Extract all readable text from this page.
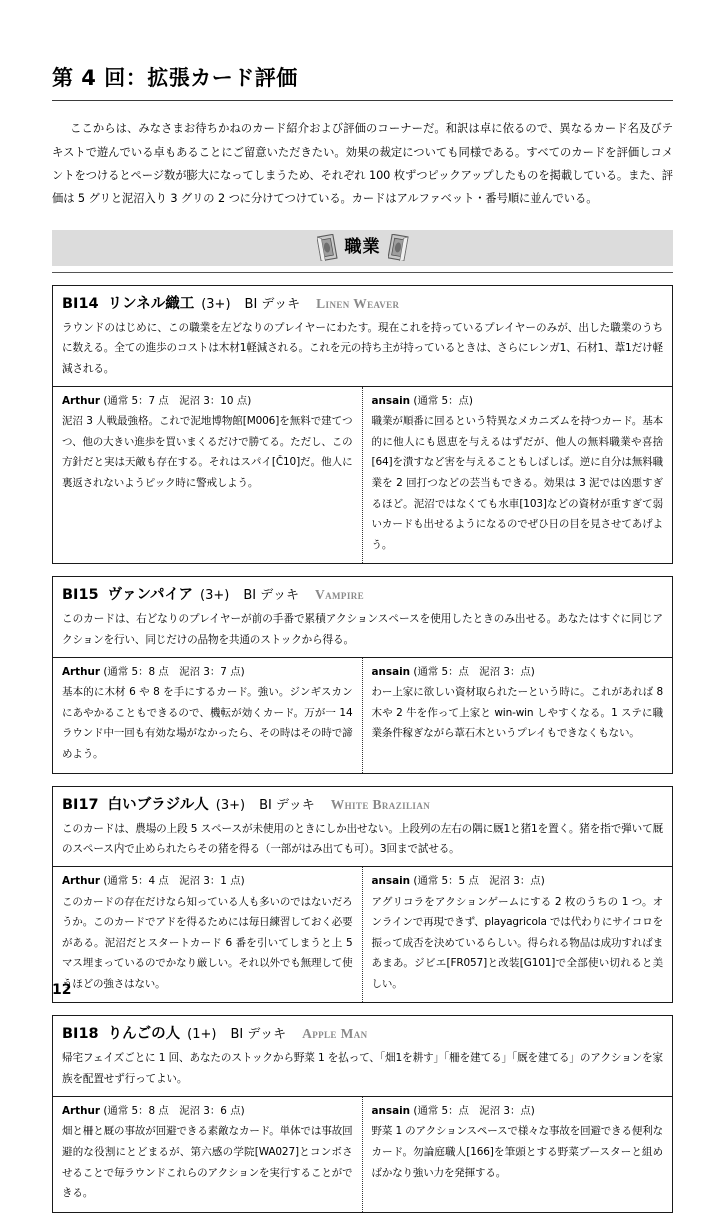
第 4 回：拡張カード評価

ここからは、みなさまお待ちかねのカード紹介および評価のコーナーだ。和訳は卓に依るので、異なるカード名及びテキストで遊んでいる卓もあることにご留意いただきたい。効果の裁定についても同様である。すべてのカードを評価しコメントをつけるとページ数が膨大になってしまうため、それぞれ 100 枚ずつピックアップしたものを掲載している。また、評価は 5 グリと泥沼入り 3 グリの 2 つに分けてつけている。カードはアルファベット・番号順に並んでいる。

職業
BI14 リンネル織工 (3+) BI デッキ Linen Weaver
ラウンドのはじめに、この職業を左どなりのプレイヤーにわたす。現在これを持っているプレイヤーのみが、出した職業のうちに数える。全ての進歩のコストは木材1軽減される。これを元の持ち主が持っているときは、さらにレンガ1、石材1、葦1だけ軽減される。
Arthur (通常 5：7 点　泥沼 3：10 点)
泥沼 3 人戦最強格。これで泥地博物館[M006]を無料で建てつつ、他の大きい進歩を買いまくるだけで勝てる。ただし、この方針だと実は天敵も存在する。それはスパイ[Č10]だ。他人に裏返されないようピック時に警戒しよう。
ansain (通常 5：点)
職業が順番に回るという特異なメカニズムを持つカード。基本的に他人にも恩恵を与えるはずだが、他人の無料職業や喜捨[64]を潰すなど害を与えることもしばしば。逆に自分は無料職業を 2 回打つなどの芸当もできる。効果は 3 泥では凶悪すぎるほど。泥沼ではなくても水車[103]などの資材が重すぎて弱いカードも出せるようになるのでぜひ日の目を見させてあげよう。
BI15 ヴァンパイア (3+) BI デッキ Vampire
このカードは、右どなりのプレイヤーが前の手番で累積アクションスペースを使用したときのみ出せる。あなたはすぐに同じアクションを行い、同じだけの品物を共通のストックから得る。
Arthur (通常 5：8 点　泥沼 3：7 点)
基本的に木材 6 や 8 を手にするカード。強い。ジンギスカンにあやかることもできるので、機転が効くカード。万が一 14 ラウンド中一回も有効な場がなかったら、その時はその時で諦めよう。
ansain (通常 5：点　泥沼 3：点)
わー上家に欲しい資材取られたーという時に。これがあれば 8 木や 2 牛を作って上家と win-win しやすくなる。1 ステに職業条件稼ぎながら葦石木というプレイもできなくもない。
BI17 白いブラジル人 (3+) BI デッキ White Brazilian
このカードは、農場の上段 5 スペースが未使用のときにしか出せない。上段列の左右の隅に厩1と猪1を置く。猪を指で弾いて厩のスペース内で止められたらその猪を得る（一部がはみ出ても可）。3回まで試せる。
Arthur (通常 5：4 点　泥沼 3：1 点)
このカードの存在だけなら知っている人も多いのではないだろうか。このカードでアドを得るためには毎日練習しておく必要がある。泥沼だとスタートカード 6 番を引いてしまうと上 5 マス埋まっているのでかなり厳しい。それ以外でも無理して使うほどの強さはない。
ansain (通常 5：5 点　泥沼 3：点)
アグリコラをアクションゲームにする 2 枚のうちの 1 つ。オンラインで再現できず、playagricola では代わりにサイコロを振って成否を決めているらしい。得られる物品は成功すればまあまあ。ジビエ[FR057]と改装[G101]で全部使い切れると美しい。
BI18 りんごの人 (1+) BI デッキ Apple Man
帰宅フェイズごとに 1 回、あなたのストックから野菜 1 を払って、「畑1を耕す」「柵を建てる」「厩を建てる」のアクションを家族を配置せず行ってよい。
Arthur (通常 5：8 点　泥沼 3：6 点)
畑と柵と厩の事故が回避できる素敵なカード。単体では事故回避的な役割にとどまるが、第六感の学院[WA027]とコンボさせることで毎ラウンドこれらのアクションを実行することができる。
ansain (通常 5：点　泥沼 3：点)
野菜 1 のアクションスペースで様々な事故を回避できる便利なカード。勿論庭職人[166]を筆頭とする野菜ブースターと組めばかなり強い力を発揮する。
12
